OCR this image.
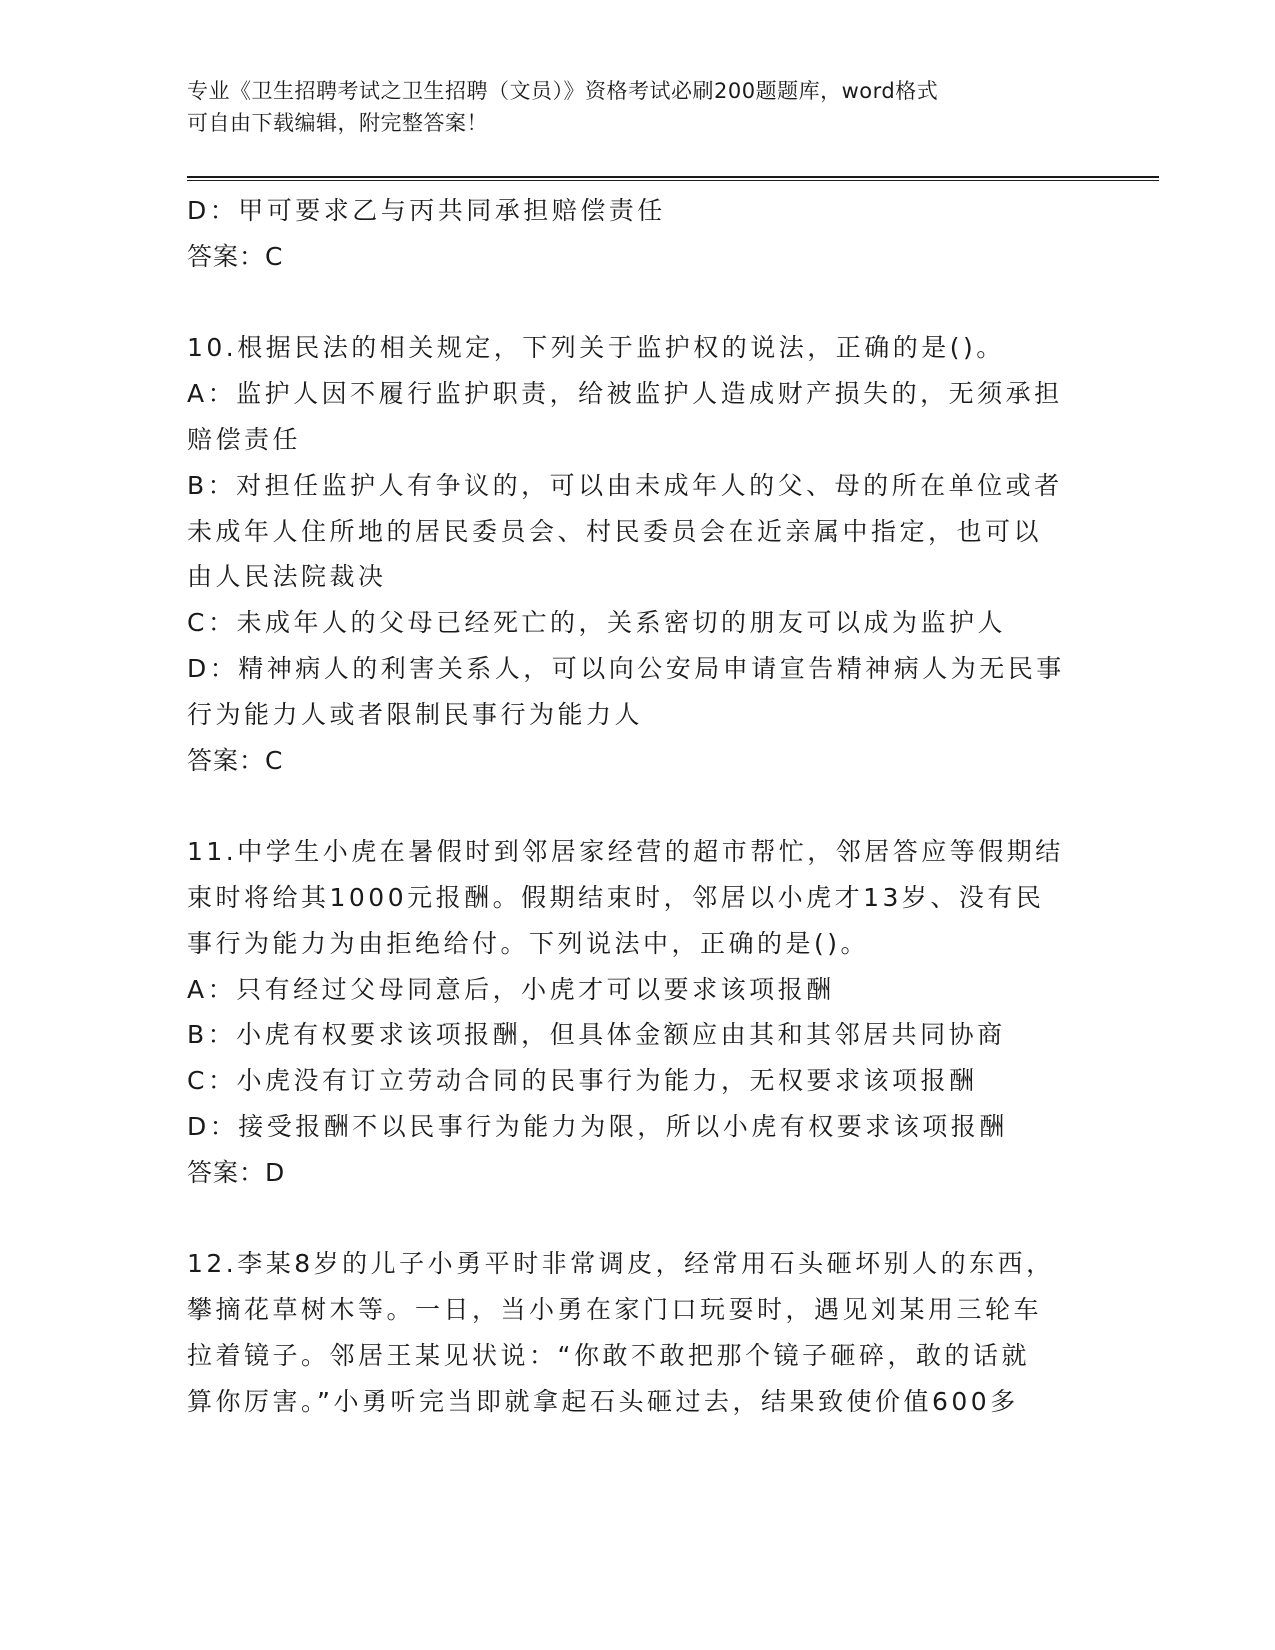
专业《卫生招聘考试之卫生招聘（文员）》资格考试必刷200题题库，word格式
可自由下载编辑，附完整答案！

D：甲可要求乙与丙共同承担赔偿责任

答案：C

10.根据民法的相关规定，下列关于监护权的说法，正确的是()。

A：监护人因不履行监护职责，给被监护人造成财产损失的，无须承担

赔偿责任

B：对担任监护人有争议的，可以由未成年人的父、母的所在单位或者

未成年人住所地的居民委员会、村民委员会在近亲属中指定，也可以

由人民法院裁决

C：未成年人的父母已经死亡的，关系密切的朋友可以成为监护人

D：精神病人的利害关系人，可以向公安局申请宣告精神病人为无民事

行为能力人或者限制民事行为能力人

答案：C

11.中学生小虎在暑假时到邻居家经营的超市帮忙，邻居答应等假期结

束时将给其1000元报酬。假期结束时，邻居以小虎才13岁、没有民

事行为能力为由拒绝给付。下列说法中，正确的是()。

A：只有经过父母同意后，小虎才可以要求该项报酬

B：小虎有权要求该项报酬，但具体金额应由其和其邻居共同协商

C：小虎没有订立劳动合同的民事行为能力，无权要求该项报酬

D：接受报酬不以民事行为能力为限，所以小虎有权要求该项报酬

答案：D

12.李某8岁的儿子小勇平时非常调皮，经常用石头砸坏别人的东西，

攀摘花草树木等。一日，当小勇在家门口玩耍时，遇见刘某用三轮车

拉着镜子。邻居王某见状说：“你敢不敢把那个镜子砸碎，敢的话就

算你厉害。”小勇听完当即就拿起石头砸过去，结果致使价值600多
